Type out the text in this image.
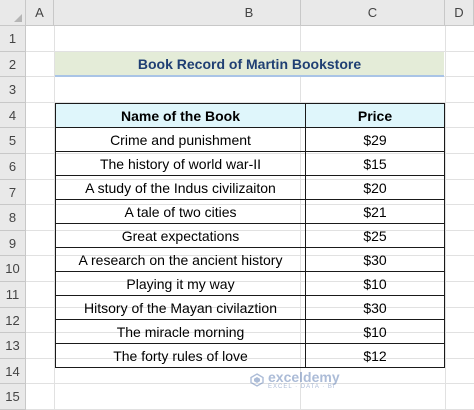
A	B	C	D
1
2
3
4
5
6
7
8
9
10
11
12
13
14
15
Book Record of Martin Bookstore
Name of the Book	Price
Crime and punishment	$29
The history of world war-II	$15
A study of the Indus civilizaiton	$20
A tale of two cities	$21
Great expectations	$25
A research on the ancient history	$30
Playing it my way	$10
Hitsory of the Mayan civilaztion	$30
The miracle morning	$10
The forty rules of love	$12
exceldemy
EXCEL · DATA · BI
